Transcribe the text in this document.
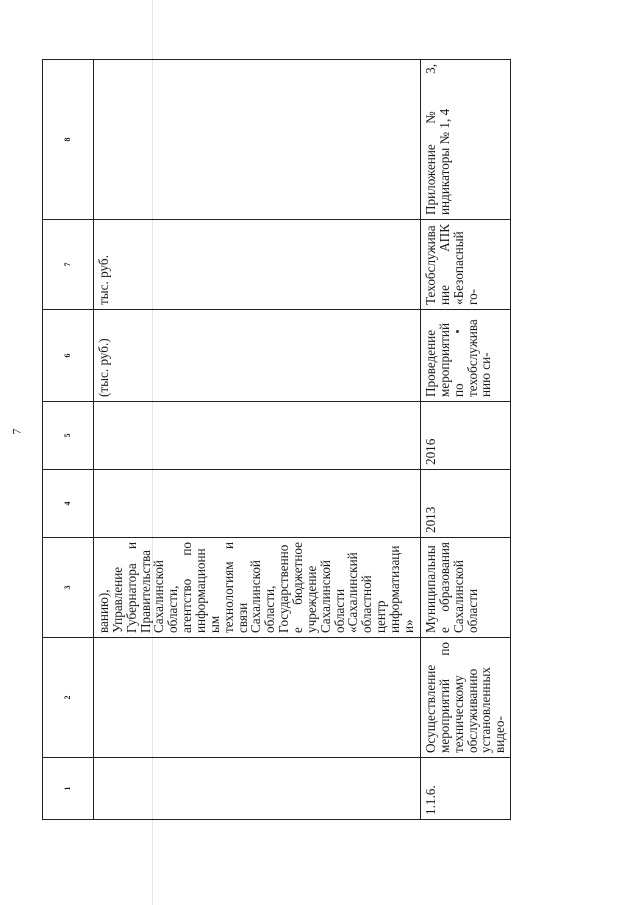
7
1	2	3	4	5	6	7	8
		ванию), Управление Губернатора и Правительства Сахалинской области, агентство по информационным технологиям и связи Сахалинской области, Государственное бюджетное учреждение Сахалинской области «Сахалинский областной центр информатизации»			(тыс. руб.)	тыс. руб.	
1.1.6.	Осуществление мероприятий по техническому обслуживанию установленных видео-	Муниципальные образования Сахалинской области	2013	2016	Проведение мероприятий по техобслуживанию си-	Техобслуживание АПК «Безопасный го-	Приложение № 3, индикаторы № 1, 4
